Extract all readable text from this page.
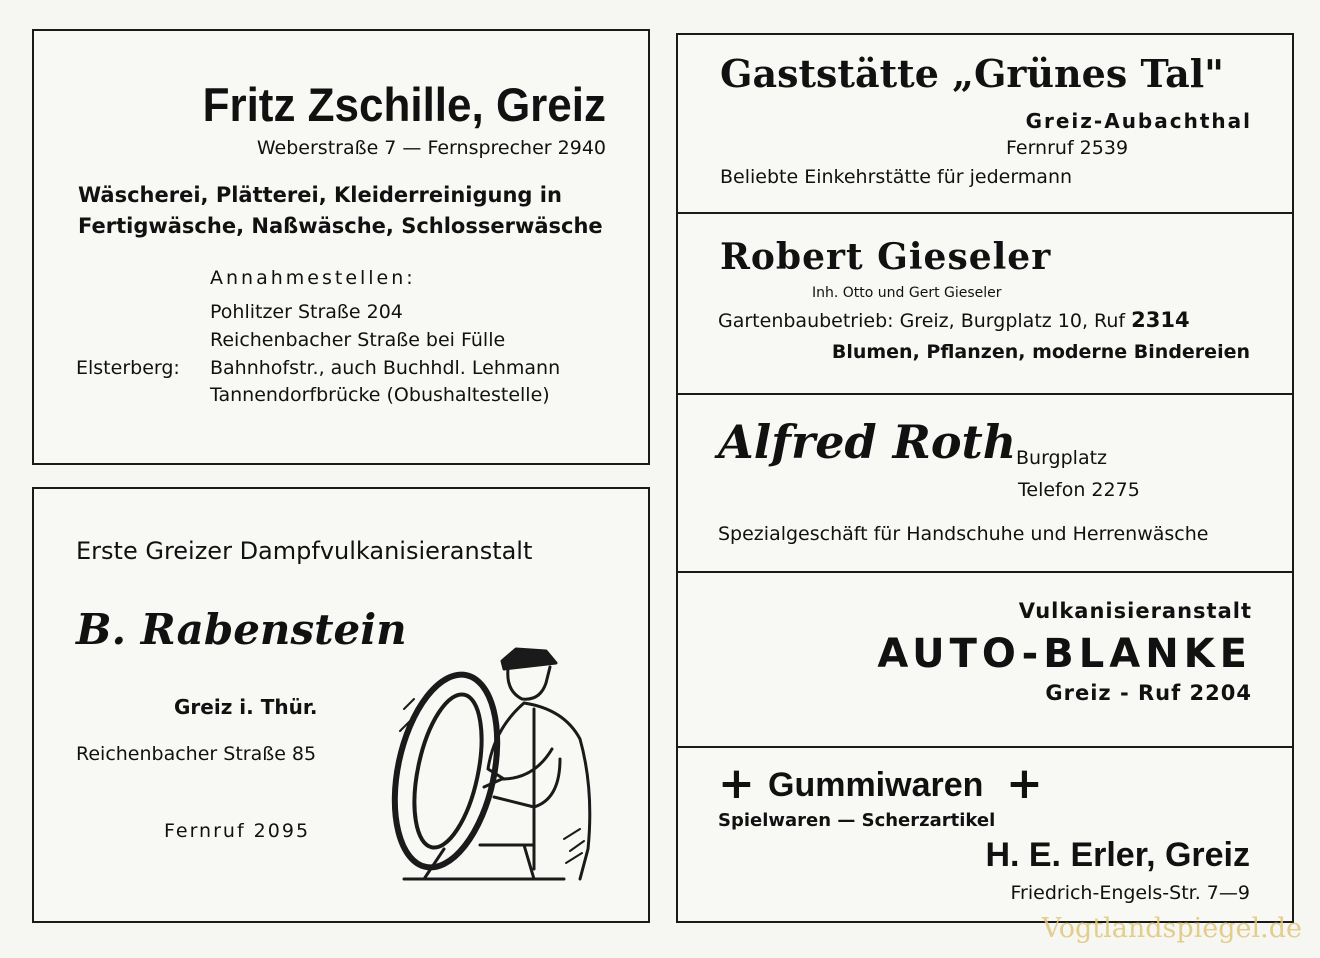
Fritz Zschille, Greiz
Weberstraße 7 — Fernsprecher 2940
Wäscherei, Plätterei, Kleiderreinigung in
Fertigwäsche, Naßwäsche, Schlosserwäsche
Annahmestellen:
Pohlitzer Straße 204
Reichenbacher Straße bei Fülle
Elsterberg: Bahnhofstr., auch Buchhdl. Lehmann
Tannendorfbrücke (Obushaltestelle)
Erste Greizer Dampfvulkanisieranstalt
B. Rabenstein
Greiz i. Thür.
Reichenbacher Straße 85
Fernruf 2095
Gaststätte „Grünes Tal"
Greiz-Aubachthal
Fernruf 2539
Beliebte Einkehrstätte für jedermann
Robert Gieseler
Inh. Otto und Gert Gieseler
Gartenbaubetrieb: Greiz, Burgplatz 10, Ruf 2314
Blumen, Pflanzen, moderne Bindereien
Alfred Roth Burgplatz
Telefon 2275
Spezialgeschäft für Handschuhe und Herrenwäsche
Vulkanisieranstalt
AUTO-BLANKE
Greiz - Ruf 2204
+ Gummiwaren +
Spielwaren — Scherzartikel
H. E. Erler, Greiz
Friedrich-Engels-Str. 7—9
Vogtlandspiegel.de
